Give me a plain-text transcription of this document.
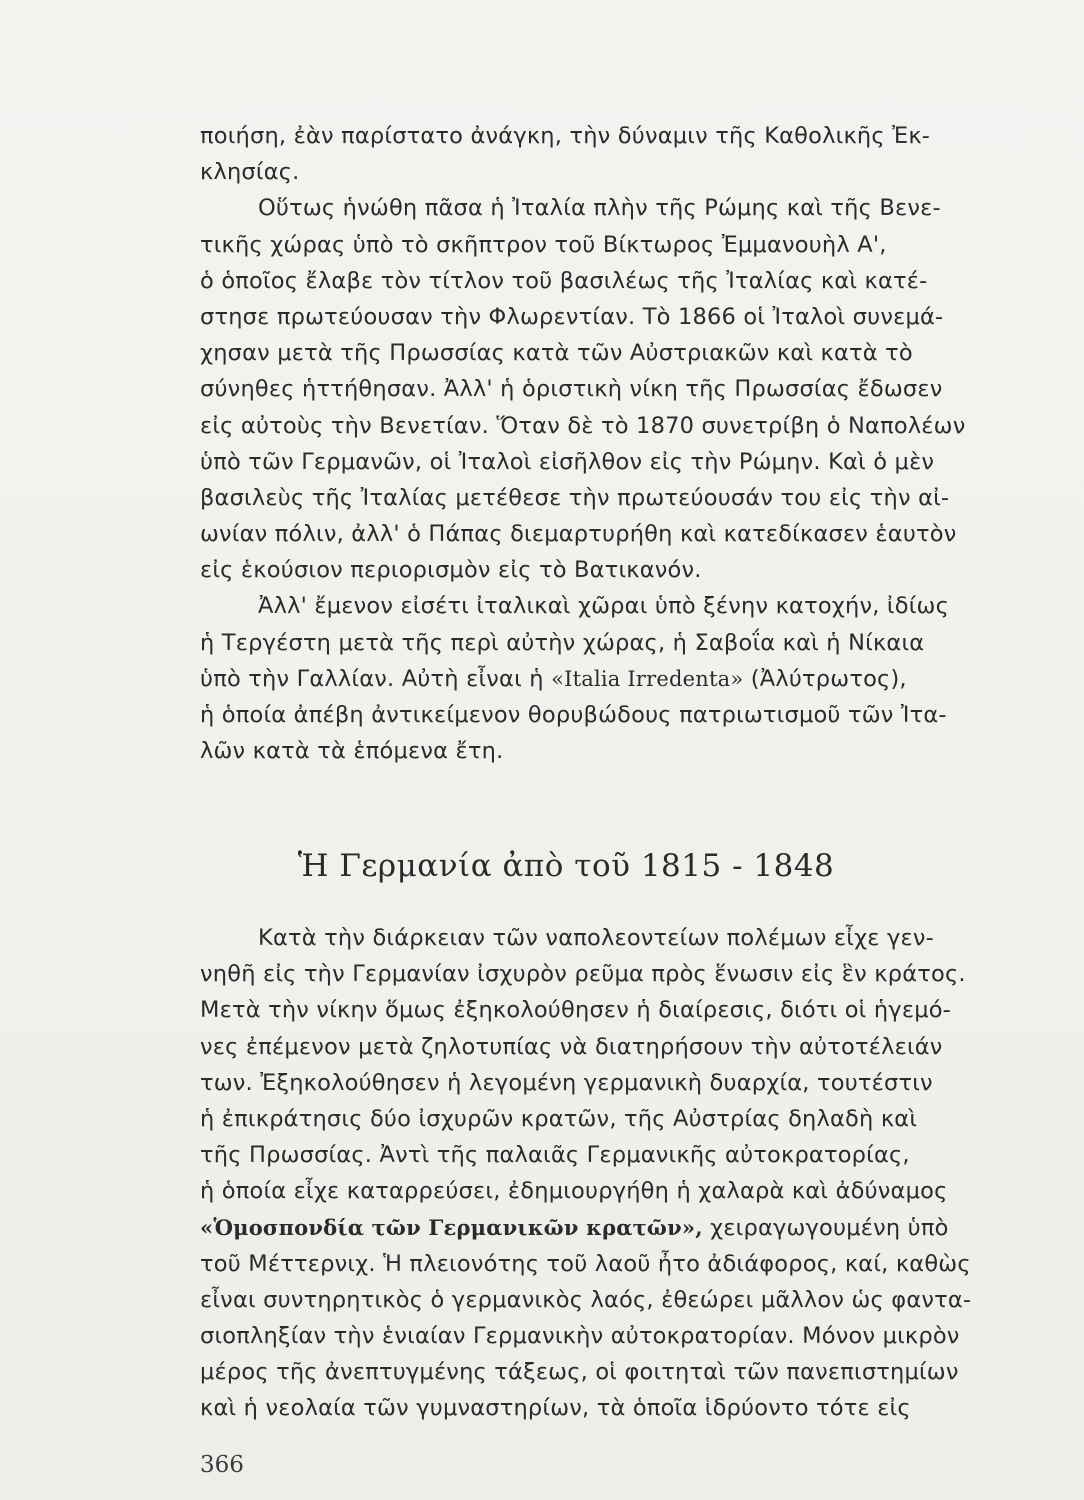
ποιήση, ἐὰν παρίστατο ἀνάγκη, τὴν δύναμιν τῆς Καθολικῆς Ἐκ-
κλησίας.
Οὕτως ἡνώθη πᾶσα ἡ Ἰταλία πλὴν τῆς Ρώμης καὶ τῆς Βενε-
τικῆς χώρας ὑπὸ τὸ σκῆπτρον τοῦ Βίκτωρος Ἐμμανουὴλ Α',
ὁ ὁποῖος ἔλαβε τὸν τίτλον τοῦ βασιλέως τῆς Ἰταλίας καὶ κατέ-
στησε πρωτεύουσαν τὴν Φλωρεντίαν. Τὸ 1866 οἱ Ἰταλοὶ συνεμά-
χησαν μετὰ τῆς Πρωσσίας κατὰ τῶν Αὐστριακῶν καὶ κατὰ τὸ
σύνηθες ἡττήθησαν. Ἀλλ' ἡ ὁριστικὴ νίκη τῆς Πρωσσίας ἔδωσεν
εἰς αὐτοὺς τὴν Βενετίαν. Ὅταν δὲ τὸ 1870 συνετρίβη ὁ Ναπολέων
ὑπὸ τῶν Γερμανῶν, οἱ Ἰταλοὶ εἰσῆλθον εἰς τὴν Ρώμην. Καὶ ὁ μὲν
βασιλεὺς τῆς Ἰταλίας μετέθεσε τὴν πρωτεύουσάν του εἰς τὴν αἰ-
ωνίαν πόλιν, ἀλλ' ὁ Πάπας διεμαρτυρήθη καὶ κατεδίκασεν ἑαυτὸν
εἰς ἑκούσιον περιορισμὸν εἰς τὸ Βατικανόν.
Ἀλλ' ἔμενον εἰσέτι ἰταλικαὶ χῶραι ὑπὸ ξένην κατοχήν, ἰδίως
ἡ Τεργέστη μετὰ τῆς περὶ αὐτὴν χώρας, ἡ Σαβοΐα καὶ ἡ Νίκαια
ὑπὸ τὴν Γαλλίαν. Αὐτὴ εἶναι ἡ «Italia Irredenta» (Ἀλύτρωτος),
ἡ ὁποία ἀπέβη ἀντικείμενον θορυβώδους πατριωτισμοῦ τῶν Ἰτα-
λῶν κατὰ τὰ ἑπόμενα ἔτη.
Ἡ Γερμανία ἀπὸ τοῦ 1815 - 1848
Κατὰ τὴν διάρκειαν τῶν ναπολεοντείων πολέμων εἶχε γεν-
νηθῆ εἰς τὴν Γερμανίαν ἰσχυρὸν ρεῦμα πρὸς ἕνωσιν εἰς ἓν κράτος.
Μετὰ τὴν νίκην ὅμως ἐξηκολούθησεν ἡ διαίρεσις, διότι οἱ ἡγεμό-
νες ἐπέμενον μετὰ ζηλοτυπίας νὰ διατηρήσουν τὴν αὐτοτέλειάν
των. Ἐξηκολούθησεν ἡ λεγομένη γερμανικὴ δυαρχία, τουτέστιν
ἡ ἐπικράτησις δύο ἰσχυρῶν κρατῶν, τῆς Αὐστρίας δηλαδὴ καὶ
τῆς Πρωσσίας. Ἀντὶ τῆς παλαιᾶς Γερμανικῆς αὐτοκρατορίας,
ἡ ὁποία εἶχε καταρρεύσει, ἐδημιουργήθη ἡ χαλαρὰ καὶ ἀδύναμος
«Ὁμοσπονδία τῶν Γερμανικῶν κρατῶν», χειραγωγουμένη ὑπὸ
τοῦ Μέττερνιχ. Ἡ πλειονότης τοῦ λαοῦ ἦτο ἀδιάφορος, καί, καθὼς
εἶναι συντηρητικὸς ὁ γερμανικὸς λαός, ἐθεώρει μᾶλλον ὡς φαντα-
σιοπληξίαν τὴν ἑνιαίαν Γερμανικὴν αὐτοκρατορίαν. Μόνον μικρὸν
μέρος τῆς ἀνεπτυγμένης τάξεως, οἱ φοιτηταὶ τῶν πανεπιστημίων
καὶ ἡ νεολαία τῶν γυμναστηρίων, τὰ ὁποῖα ἱδρύοντο τότε εἰς
366
